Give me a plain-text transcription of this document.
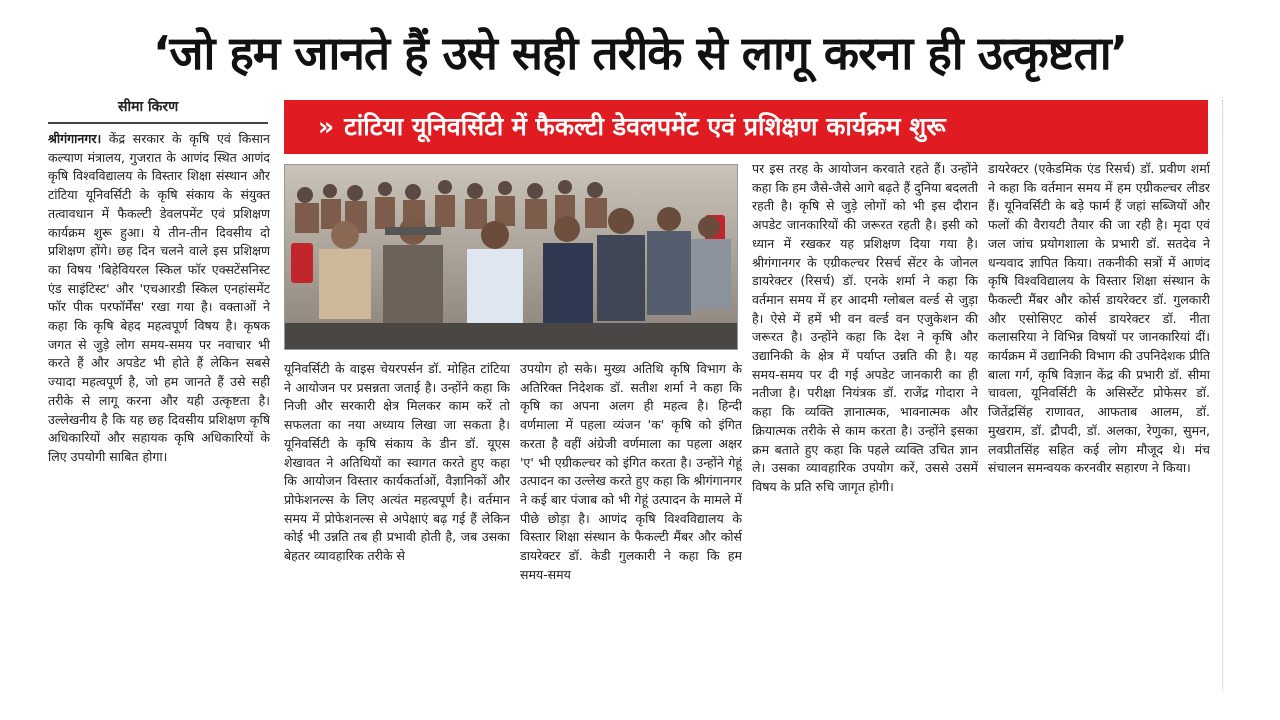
‘जो हम जानते हैं उसे सही तरीके से लागू करना ही उत्कृष्टता’
सीमा किरण
» टांटिया यूनिवर्सिटी में फैकल्टी डेवलपमेंट एवं प्रशिक्षण कार्यक्रम शुरू

श्रीगंगानगर। केंद्र सरकार के कृषि एवं किसान कल्याण मंत्रालय, गुजरात के आणंद स्थित आणंद कृषि विश्वविद्यालय के विस्तार शिक्षा संस्थान और टांटिया यूनिवर्सिटी के कृषि संकाय के संयुक्त तत्वावधान में फैकल्टी डेवलपमेंट एवं प्रशिक्षण कार्यक्रम शुरू हुआ। ये तीन-तीन दिवसीय दो प्रशिक्षण होंगे। छह दिन चलने वाले इस प्रशिक्षण का विषय 'बिहेवियरल स्किल फॉर एक्सटेंसनिस्ट एंड साइंटिस्ट' और 'एचआरडी स्किल एनहांसमेंट फॉर पीक परफॉर्मेंस' रखा गया है। वक्ताओं ने कहा कि कृषि बेहद महत्वपूर्ण विषय है। कृषक जगत से जुड़े लोग समय-समय पर नवाचार भी करते हैं और अपडेट भी होते हैं लेकिन सबसे ज्यादा महत्वपूर्ण है, जो हम जानते हैं उसे सही तरीके से लागू करना और यही उत्कृष्टता है। उल्लेखनीय है कि यह छह दिवसीय प्रशिक्षण कृषि अधिकारियों और सहायक कृषि अधिकारियों के लिए उपयोगी साबित होगा।

यूनिवर्सिटी के वाइस चेयरपर्सन डॉ. मोहित टांटिया ने आयोजन पर प्रसन्नता जताई है। उन्होंने कहा कि निजी और सरकारी क्षेत्र मिलकर काम करें तो सफलता का नया अध्याय लिखा जा सकता है। यूनिवर्सिटी के कृषि संकाय के डीन डॉ. यूएस शेखावत ने अतिथियों का स्वागत करते हुए कहा कि आयोजन विस्तार कार्यकर्ताओं, वैज्ञानिकों और प्रोफेशनल्स के लिए अत्यंत महत्वपूर्ण है। वर्तमान समय में प्रोफेशनल्स से अपेक्षाएं बढ़ गई हैं लेकिन कोई भी उन्नति तब ही प्रभावी होती है, जब उसका बेहतर व्यावहारिक तरीके से

उपयोग हो सके। मुख्य अतिथि कृषि विभाग के अतिरिक्त निदेशक डॉ. सतीश शर्मा ने कहा कि कृषि का अपना अलग ही महत्व है। हिन्दी वर्णमाला में पहला व्यंजन 'क' कृषि को इंगित करता है वहीं अंग्रेजी वर्णमाला का पहला अक्षर 'ए' भी एग्रीकल्चर को इंगित करता है। उन्होंने गेहूं उत्पादन का उल्लेख करते हुए कहा कि श्रीगंगानगर ने कई बार पंजाब को भी गेहूं उत्पादन के मामले में पीछे छोड़ा है। आणंद कृषि विश्वविद्यालय के विस्तार शिक्षा संस्थान के फैकल्टी मैंबर और कोर्स डायरेक्टर डॉ. केडी गुलकारी ने कहा कि हम समय-समय

पर इस तरह के आयोजन करवाते रहते हैं। उन्होंने कहा कि हम जैसे-जैसे आगे बढ़ते हैं दुनिया बदलती रहती है। कृषि से जुड़े लोगों को भी इस दौरान अपडेट जानकारियों की जरूरत रहती है। इसी को ध्यान में रखकर यह प्रशिक्षण दिया गया है। श्रीगंगानगर के एग्रीकल्चर रिसर्च सेंटर के जोनल डायरेक्टर (रिसर्च) डॉ. एनके शर्मा ने कहा कि वर्तमान समय में हर आदमी ग्लोबल वर्ल्ड से जुड़ा है। ऐसे में हमें भी वन वर्ल्ड वन एजुकेशन की जरूरत है। उन्होंने कहा कि देश ने कृषि और उद्यानिकी के क्षेत्र में पर्याप्त उन्नति की है। यह समय-समय पर दी गई अपडेट जानकारी का ही नतीजा है। परीक्षा नियंत्रक डॉ. राजेंद्र गोदारा ने कहा कि व्यक्ति ज्ञानात्मक, भावनात्मक और क्रियात्मक तरीके से काम करता है। उन्होंने इसका क्रम बताते हुए कहा कि पहले व्यक्ति उचित ज्ञान ले। उसका व्यावहारिक उपयोग करें, उससे उसमें विषय के प्रति रुचि जागृत होगी।

डायरेक्टर (एकेडमिक एंड रिसर्च) डॉ. प्रवीण शर्मा ने कहा कि वर्तमान समय में हम एग्रीकल्चर लीडर हैं। यूनिवर्सिटी के बड़े फार्म हैं जहां सब्जियों और फलों की वैरायटी तैयार की जा रही है। मृदा एवं जल जांच प्रयोगशाला के प्रभारी डॉ. सतदेव ने धन्यवाद ज्ञापित किया। तकनीकी सत्रों में आणंद कृषि विश्वविद्यालय के विस्तार शिक्षा संस्थान के फैकल्टी मैंबर और कोर्स डायरेक्टर डॉ. गुलकारी और एसोसिएट कोर्स डायरेक्टर डॉ. नीता कलासरिया ने विभिन्न विषयों पर जानकारियां दीं। कार्यक्रम में उद्यानिकी विभाग की उपनिदेशक प्रीति बाला गर्ग, कृषि विज्ञान केंद्र की प्रभारी डॉ. सीमा चावला, यूनिवर्सिटी के असिस्टेंट प्रोफेसर डॉ. जितेंद्रसिंह राणावत, आफताब आलम, डॉ. मुखराम, डॉ. द्रौपदी, डॉ. अलका, रेणुका, सुमन, लवप्रीतसिंह सहित कई लोग मौजूद थे। मंच संचालन समन्वयक करनवीर सहारण ने किया।
